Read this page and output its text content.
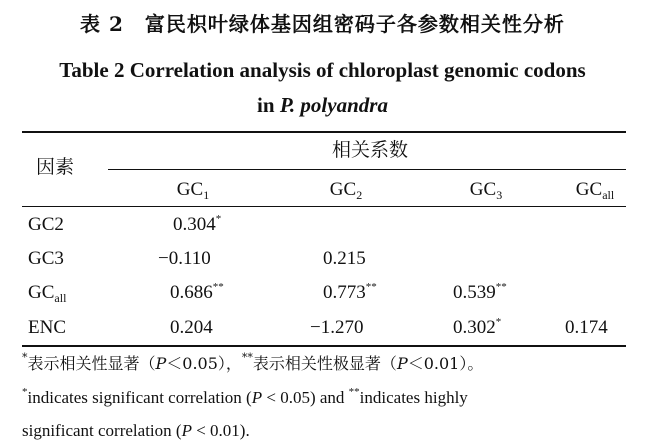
表 2　富民枳叶绿体基因组密码子各参数相关性分析
Table 2 Correlation analysis of chloroplast genomic codons
in P. polyandra
因素
相关系数
$GC_1$	$GC_2$	$GC_3$	$GC_{all}$
GC2	0.304*
GC3	−0.110	0.215
$GC_{all}$	0.686**	0.773**	0.539**
ENC	0.204	−1.270	0.302*	0.174
*表示相关性显著（P＜0.05），**表示相关性极显著（P＜0.01）。
*indicates significant correlation (P < 0.05) and **indicates highly
significant correlation (P < 0.01).
